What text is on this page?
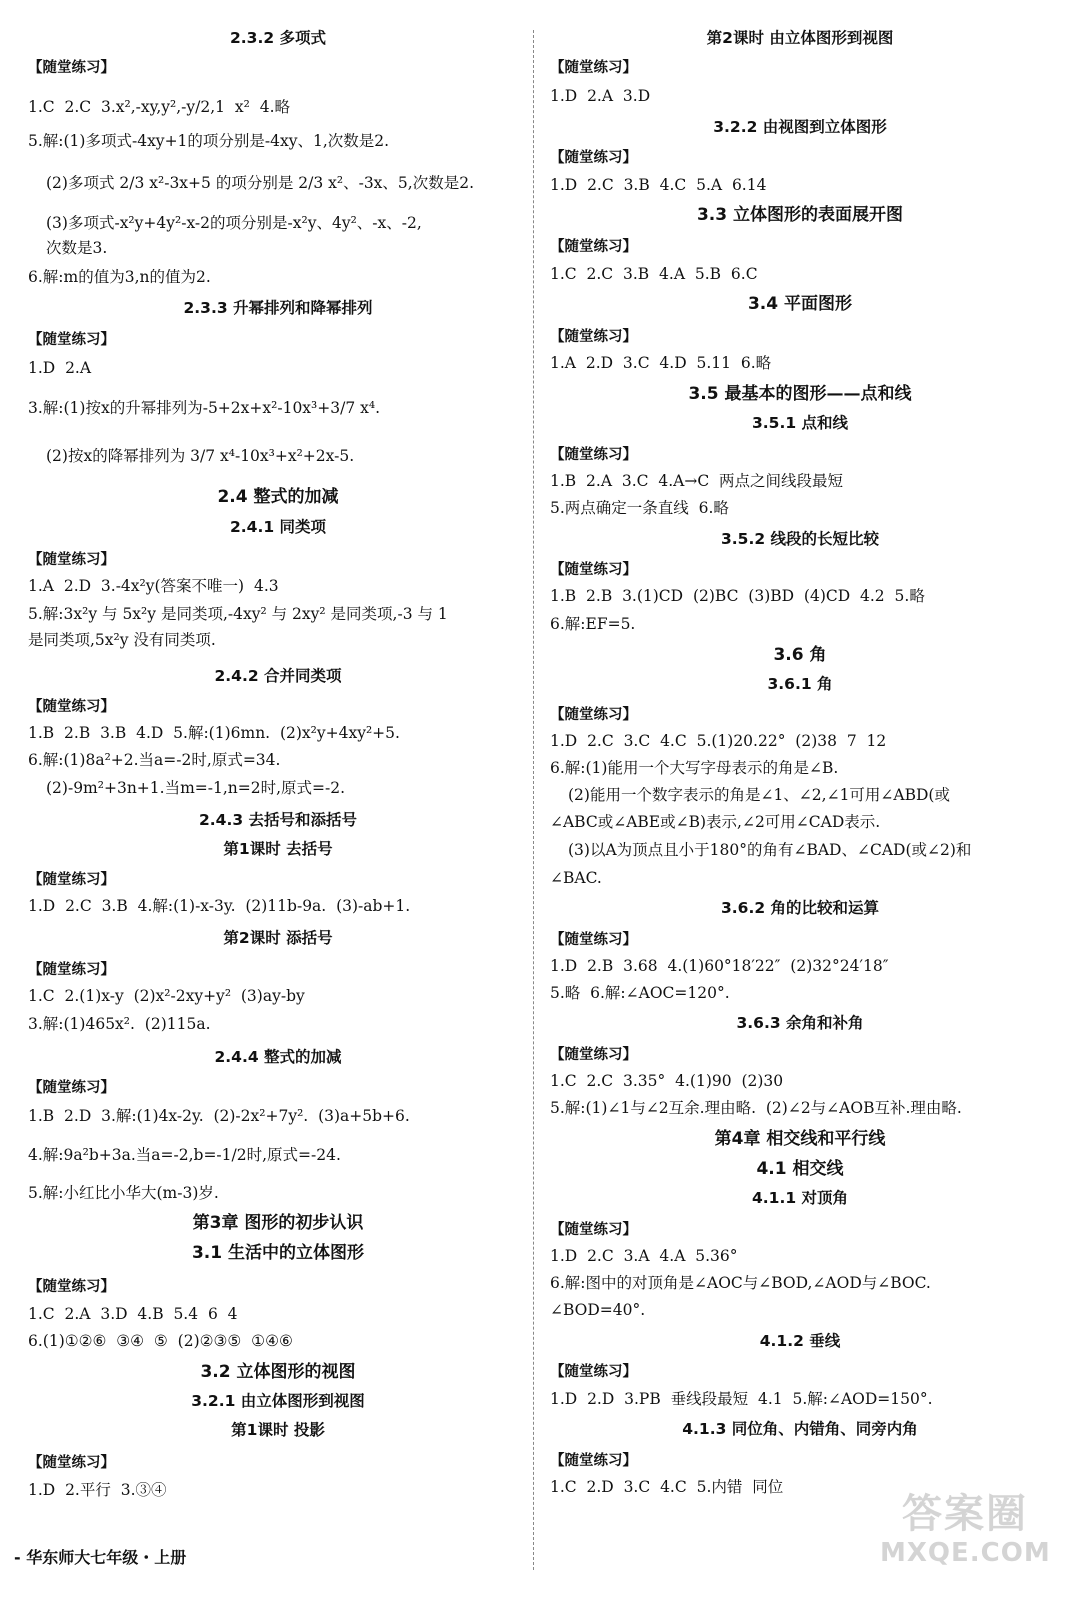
2.3.2 多项式
【随堂练习】
1.C  2.C  3.x²,-xy,y²,-y/2,1  x²  4.略
5.解:(1)多项式-4xy+1的项分别是-4xy、1,次数是2.
(2)多项式 2/3 x²-3x+5 的项分别是 2/3 x²、-3x、5,次数是2.
(3)多项式-x²y+4y²-x-2的项分别是-x²y、4y²、-x、-2,
次数是3.
6.解:m的值为3,n的值为2.
2.3.3 升幂排列和降幂排列
【随堂练习】
1.D  2.A
3.解:(1)按x的升幂排列为-5+2x+x²-10x³+3/7 x⁴.
(2)按x的降幂排列为 3/7 x⁴-10x³+x²+2x-5.
2.4 整式的加减
2.4.1 同类项
【随堂练习】
1.A  2.D  3.-4x²y(答案不唯一)  4.3
5.解:3x²y 与 5x²y 是同类项,-4xy² 与 2xy² 是同类项,-3 与 1
是同类项,5x²y 没有同类项.
2.4.2 合并同类项
【随堂练习】
1.B  2.B  3.B  4.D  5.解:(1)6mn.  (2)x²y+4xy²+5.
6.解:(1)8a²+2.当a=-2时,原式=34.
(2)-9m²+3n+1.当m=-1,n=2时,原式=-2.
2.4.3 去括号和添括号
第1课时 去括号
【随堂练习】
1.D  2.C  3.B  4.解:(1)-x-3y.  (2)11b-9a.  (3)-ab+1.
第2课时 添括号
【随堂练习】
1.C  2.(1)x-y  (2)x²-2xy+y²  (3)ay-by
3.解:(1)465x².  (2)115a.
2.4.4 整式的加减
【随堂练习】
1.B  2.D  3.解:(1)4x-2y.  (2)-2x²+7y².  (3)a+5b+6.
4.解:9a²b+3a.当a=-2,b=-1/2时,原式=-24.
5.解:小红比小华大(m-3)岁.
第3章 图形的初步认识
3.1 生活中的立体图形
【随堂练习】
1.C  2.A  3.D  4.B  5.4  6  4
6.(1)①②⑥  ③④  ⑤  (2)②③⑤  ①④⑥
3.2 立体图形的视图
3.2.1 由立体图形到视图
第1课时 投影
【随堂练习】
1.D  2.平行  3.③④
第2课时 由立体图形到视图
【随堂练习】
1.D  2.A  3.D
3.2.2 由视图到立体图形
【随堂练习】
1.D  2.C  3.B  4.C  5.A  6.14
3.3 立体图形的表面展开图
【随堂练习】
1.C  2.C  3.B  4.A  5.B  6.C
3.4 平面图形
【随堂练习】
1.A  2.D  3.C  4.D  5.11  6.略
3.5 最基本的图形——点和线
3.5.1 点和线
【随堂练习】
1.B  2.A  3.C  4.A→C  两点之间线段最短
5.两点确定一条直线  6.略
3.5.2 线段的长短比较
【随堂练习】
1.B  2.B  3.(1)CD  (2)BC  (3)BD  (4)CD  4.2  5.略
6.解:EF=5.
3.6 角
3.6.1 角
【随堂练习】
1.D  2.C  3.C  4.C  5.(1)20.22°  (2)38  7  12
6.解:(1)能用一个大写字母表示的角是∠B.
(2)能用一个数字表示的角是∠1、∠2,∠1可用∠ABD(或
∠ABC或∠ABE或∠B)表示,∠2可用∠CAD表示.
(3)以A为顶点且小于180°的角有∠BAD、∠CAD(或∠2)和
∠BAC.
3.6.2 角的比较和运算
【随堂练习】
1.D  2.B  3.68  4.(1)60°18′22″  (2)32°24′18″
5.略  6.解:∠AOC=120°.
3.6.3 余角和补角
【随堂练习】
1.C  2.C  3.35°  4.(1)90  (2)30
5.解:(1)∠1与∠2互余.理由略.  (2)∠2与∠AOB互补.理由略.
第4章 相交线和平行线
4.1 相交线
4.1.1 对顶角
【随堂练习】
1.D  2.C  3.A  4.A  5.36°
6.解:图中的对顶角是∠AOC与∠BOD,∠AOD与∠BOC.
∠BOD=40°.
4.1.2 垂线
【随堂练习】
1.D  2.D  3.PB  垂线段最短  4.1  5.解:∠AOD=150°.
4.1.3 同位角、内错角、同旁内角
【随堂练习】
1.C  2.D  3.C  4.C  5.内错  同位
- 华东师大七年级・上册
答案圈
MXQE.COM
